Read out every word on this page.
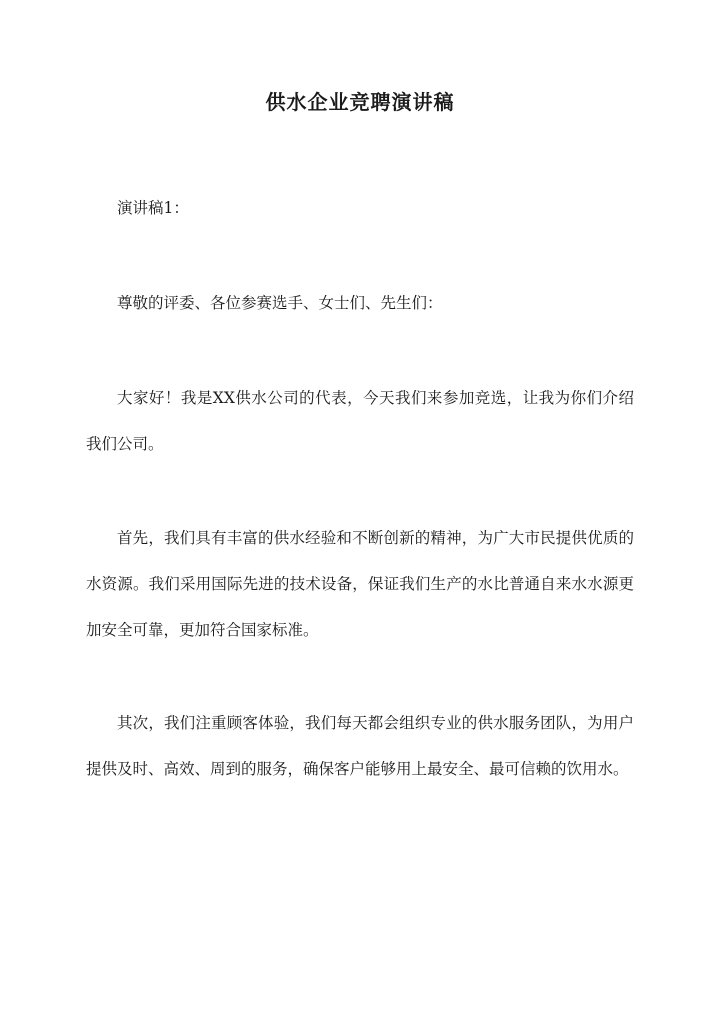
供水企业竞聘演讲稿

演讲稿1：

尊敬的评委、各位参赛选手、女士们、先生们：

大家好！我是XX供水公司的代表，今天我们来参加竞选，让我为你们介绍我们公司。

首先，我们具有丰富的供水经验和不断创新的精神，为广大市民提供优质的水资源。我们采用国际先进的技术设备，保证我们生产的水比普通自来水水源更加安全可靠，更加符合国家标准。

其次，我们注重顾客体验，我们每天都会组织专业的供水服务团队，为用户提供及时、高效、周到的服务，确保客户能够用上最安全、最可信赖的饮用水。
